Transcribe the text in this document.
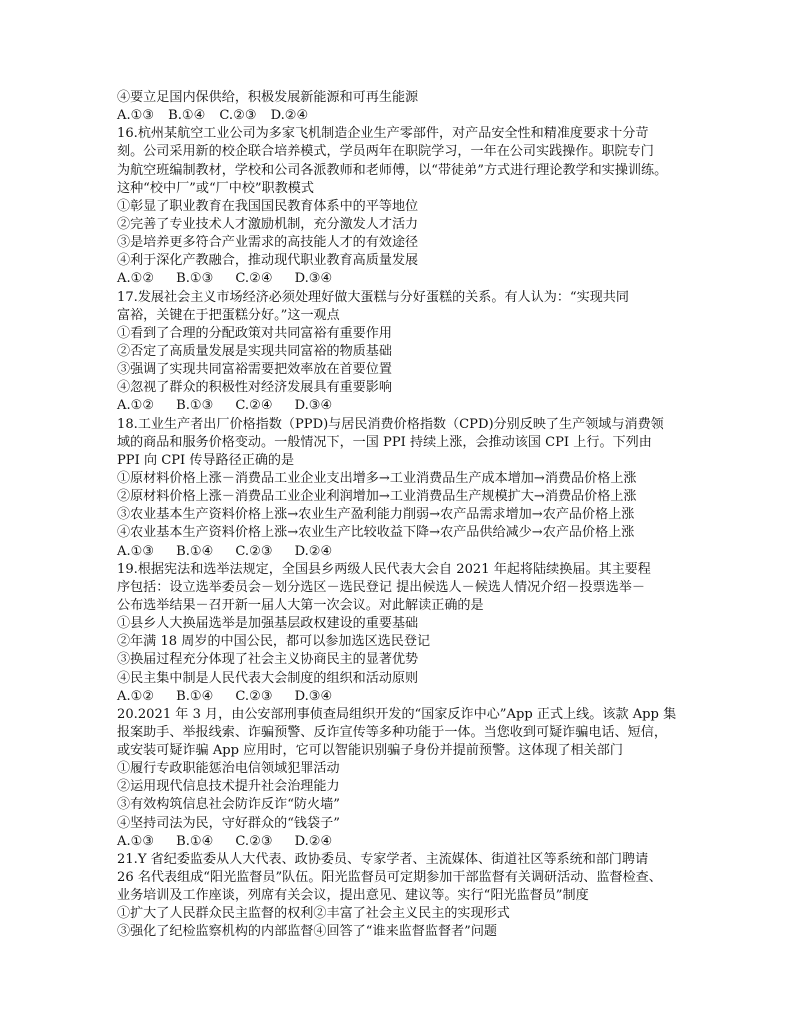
④要立足国内保供给，积极发展新能源和可再生能源
A.①③ B.①④ C.②③ D.②④
16.杭州某航空工业公司为多家飞机制造企业生产零部件，对产品安全性和精准度要求十分苛
刻。公司采用新的校企联合培养模式，学员两年在职院学习，一年在公司实践操作。职院专门
为航空班编制教材，学校和公司各派教师和老师傅，以“带徒弟”方式进行理论教学和实操训练。
这种“校中厂”或“厂中校”职教模式
①彰显了职业教育在我国国民教育体系中的平等地位
②完善了专业技术人才激励机制，充分激发人才活力
③是培养更多符合产业需求的高技能人才的有效途径
④利于深化产教融合，推动现代职业教育高质量发展
A.①② B.①③ C.②④ D.③④
17.发展社会主义市场经济必须处理好做大蛋糕与分好蛋糕的关系。有人认为：“实现共同
富裕，关键在于把蛋糕分好。”这一观点
①看到了合理的分配政策对共同富裕有重要作用
②否定了高质量发展是实现共同富裕的物质基础
③强调了实现共同富裕需要把效率放在首要位置
④忽视了群众的积极性对经济发展具有重要影响
A.①② B.①③ C.②④ D.③④
18.工业生产者出厂价格指数（PPD)与居民消费价格指数（CPD)分别反映了生产领域与消费领
域的商品和服务价格变动。一般情况下，一国 PPI 持续上涨，会推动该国 CPI 上行。下列由
PPI 向 CPI 传导路径正确的是
①原材料价格上涨－消费品工业企业支出增多→工业消费品生产成本增加→消费品价格上涨
②原材料价格上涨－消费品工业企业利润增加→工业消费品生产规模扩大→消费品价格上涨
③农业基本生产资料价格上涨→农业生产盈利能力削弱→农产品需求增加→农产品价格上涨
④农业基本生产资料价格上涨→农业生产比较收益下降→农产品供给减少→农产品价格上涨
A.①③ B.①④ C.②③ D.②④
19.根据宪法和选举法规定，全国县乡两级人民代表大会自 2021 年起将陆续换届。其主要程
序包括：设立选举委员会－划分选区－选民登记 提出候选人－候选人情况介绍－投票选举－
公布选举结果－召开新一届人大第一次会议。对此解读正确的是
①县乡人大换届选举是加强基层政权建设的重要基础
②年满 18 周岁的中国公民，都可以参加选区选民登记
③换届过程充分体现了社会主义协商民主的显著优势
④民主集中制是人民代表大会制度的组织和活动原则
A.①② B.①④ C.②③ D.③④
20.2021 年 3 月，由公安部刑事侦查局组织开发的“国家反诈中心”App 正式上线。该款 App 集
报案助手、举报线索、诈骗预警、反诈宣传等多种功能于一体。当您收到可疑诈骗电话、短信，
或安装可疑诈骗 App 应用时，它可以智能识别骗子身份并提前预警。这体现了相关部门
①履行专政职能惩治电信领域犯罪活动
②运用现代信息技术提升社会治理能力
③有效构筑信息社会防诈反诈“防火墙”
④坚持司法为民，守好群众的“钱袋子”
A.①③ B.①④ C.②③ D.②④
21.Y 省纪委监委从人大代表、政协委员、专家学者、主流媒体、街道社区等系统和部门聘请
26 名代表组成“阳光监督员”队伍。阳光监督员可定期参加干部监督有关调研活动、监督检查、
业务培训及工作座谈，列席有关会议，提出意见、建议等。实行“阳光监督员”制度
①扩大了人民群众民主监督的权利②丰富了社会主义民主的实现形式
③强化了纪检监察机构的内部监督④回答了“谁来监督监督者”问题
